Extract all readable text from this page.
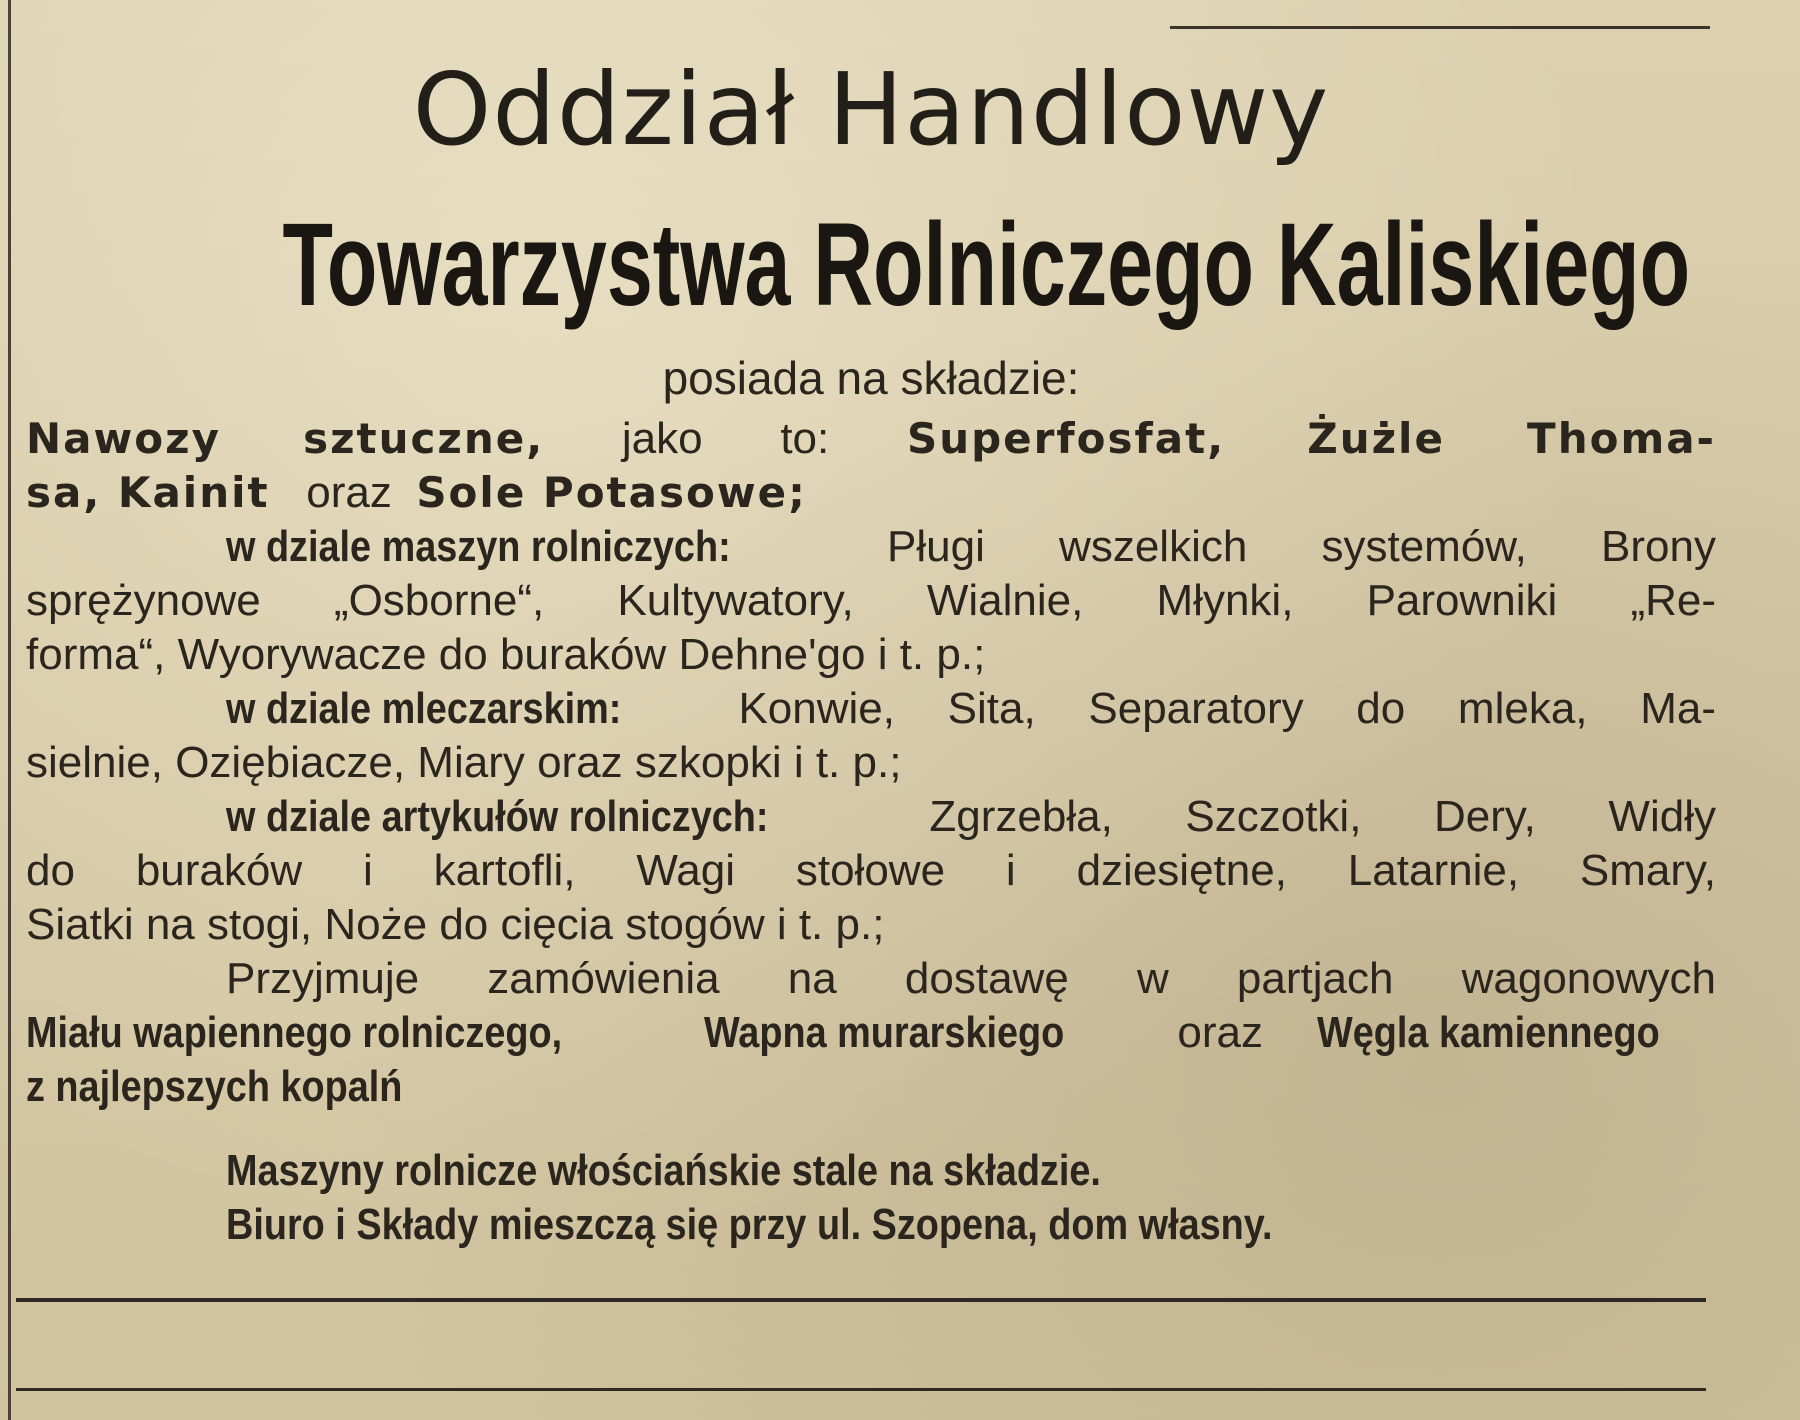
Oddział Handlowy
Towarzystwa Rolniczego Kaliskiego
posiada na składzie:
Nawozy sztuczne, jako to: Superfosfat, Żużle Thoma-
sa, Kainit oraz Sole Potasowe;
w dziale maszyn rolniczych:	Pługi wszelkich systemów, Brony
sprężynowe „Osborne“, Kultywatory, Wialnie, Młynki, Parowniki „Re-
forma“, Wyorywacze do buraków Dehne'go i t. p.;
w dziale mleczarskim:	Konwie, Sita, Separatory do mleka, Ma-
sielnie, Oziębiacze, Miary oraz szkopki i t. p.;
w dziale artykułów rolniczych:	Zgrzebła, Szczotki, Dery, Widły
do buraków i kartofli, Wagi stołowe i dziesiętne, Latarnie, Smary,
Siatki na stogi, Noże do cięcia stogów i t. p.;
Przyjmuje zamówienia na dostawę w partjach wagonowych
Miału wapiennego rolniczego,	Wapna murarskiego	oraz Węgla kamiennego
z najlepszych kopalń
Maszyny rolnicze włościańskie stale na składzie.
Biuro i Składy mieszczą się przy ul. Szopena, dom własny.
